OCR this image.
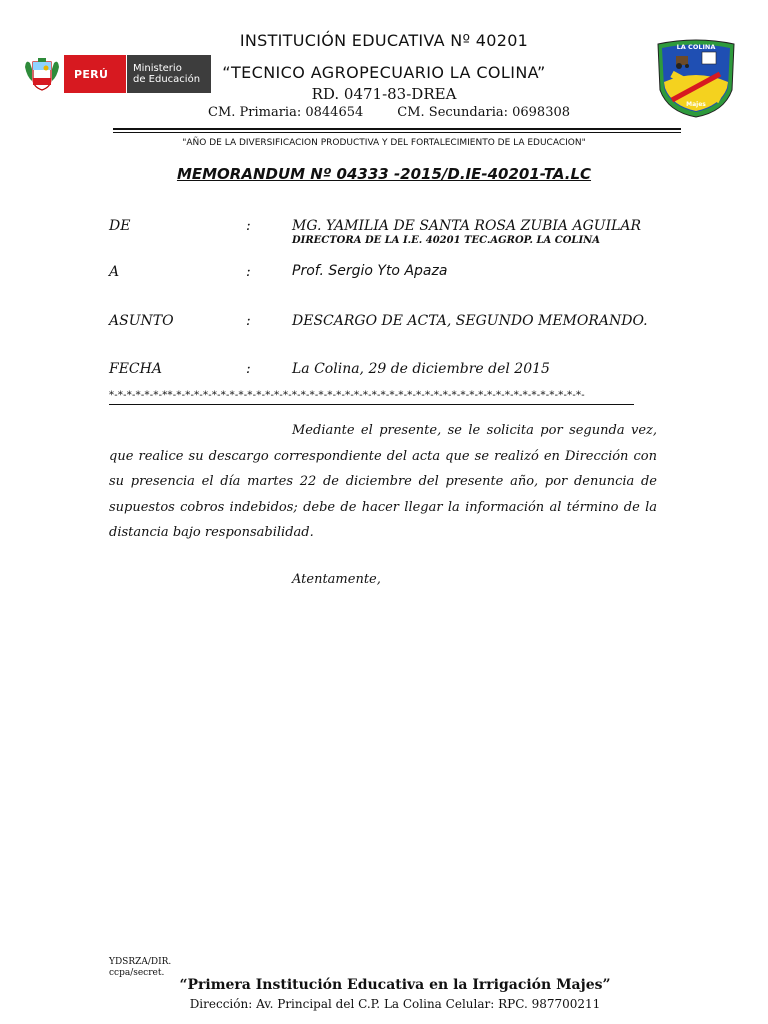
PERÚ Ministerio
de Educación
LA COLINA
Majes
INSTITUCIÓN EDUCATIVA Nº 40201
“TECNICO AGROPECUARIO LA COLINA”
RD. 0471-83-DREA
CM. Primaria: 0844654	CM. Secundaria: 0698308
"AÑO DE LA DIVERSIFICACION PRODUCTIVA Y DEL FORTALECIMIENTO DE LA EDUCACION"
MEMORANDUM Nº 04333 -2015/D.IE-40201-TA.LC
DE	:	MG. YAMILIA DE SANTA ROSA ZUBIA AGUILAR
DIRECTORA DE LA I.E. 40201 TEC.AGROP. LA COLINA
A	:	Prof. Sergio Yto Apaza
ASUNTO	:	DESCARGO DE ACTA, SEGUNDO MEMORANDO.
FECHA	:	La Colina, 29 de diciembre del 2015
*-*-*-*-*-*-**-*-*-*-*-*-*-*-*-*-*-*-*-*-*-*-*-*-*-*-*-*-*-*-*-*-*-*-*-*-*-*-*-*-*-*-*-*-*-*-*-*-*-*-*-*-*-
Mediante el presente, se le solicita por segunda vez, que realice su descargo correspondiente del acta que se realizó en Dirección con su presencia el día martes 22 de diciembre del presente año, por denuncia de supuestos cobros indebidos; debe de hacer llegar la información al término de la distancia bajo responsabilidad.
Atentamente,
YDSRZA/DIR.
ccpa/secret.
“Primera Institución Educativa en la Irrigación Majes”
Dirección: Av. Principal del C.P. La Colina Celular: RPC. 987700211
